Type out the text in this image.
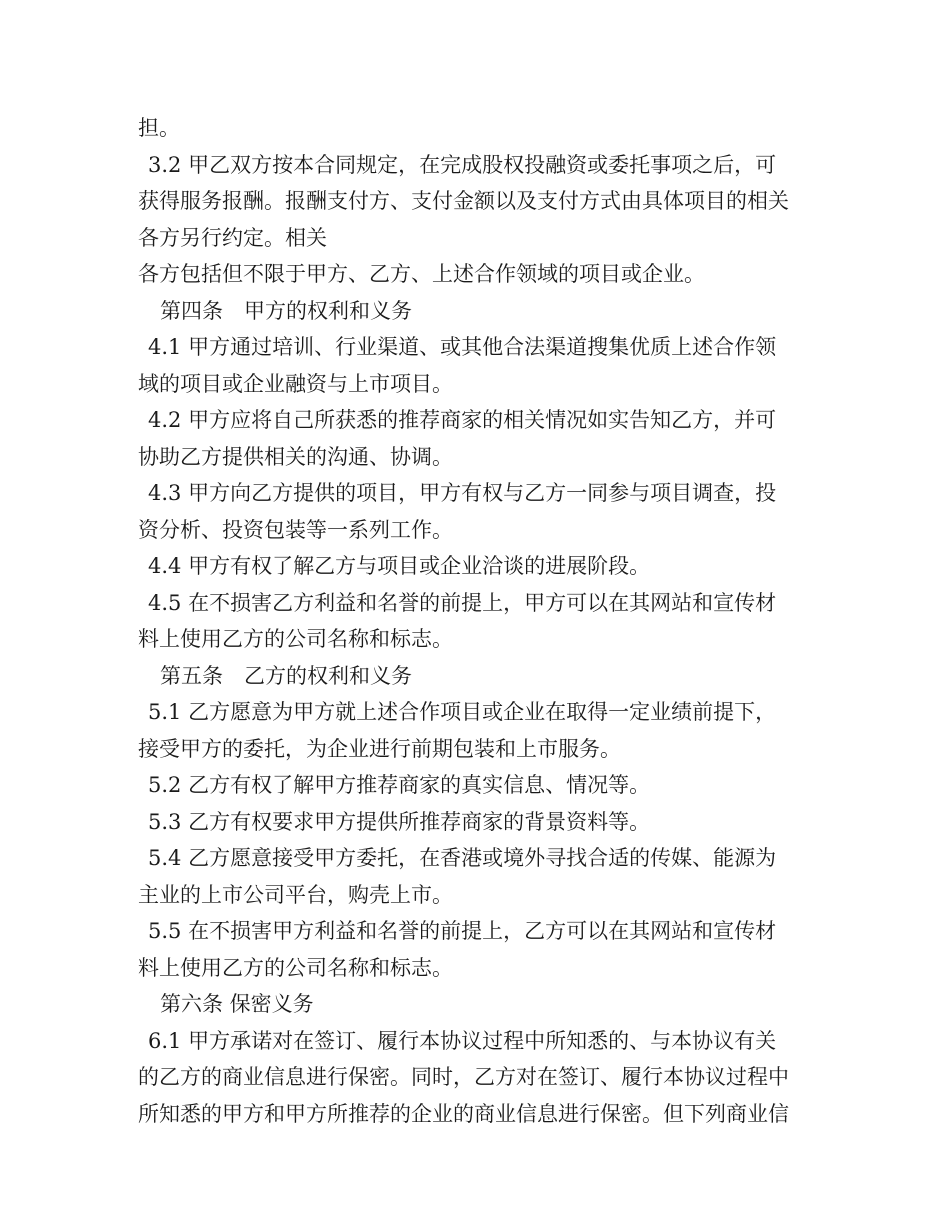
担。
3.2 甲乙双方按本合同规定，在完成股权投融资或委托事项之后，可
获得服务报酬。报酬支付方、支付金额以及支付方式由具体项目的相关
各方另行约定。相关
各方包括但不限于甲方、乙方、上述合作领域的项目或企业。
第四条　甲方的权利和义务
4.1 甲方通过培训、行业渠道、或其他合法渠道搜集优质上述合作领
域的项目或企业融资与上市项目。
4.2 甲方应将自己所获悉的推荐商家的相关情况如实告知乙方，并可
协助乙方提供相关的沟通、协调。
4.3 甲方向乙方提供的项目，甲方有权与乙方一同参与项目调查，投
资分析、投资包装等一系列工作。
4.4 甲方有权了解乙方与项目或企业洽谈的进展阶段。
4.5 在不损害乙方利益和名誉的前提上，甲方可以在其网站和宣传材
料上使用乙方的公司名称和标志。
第五条　乙方的权利和义务
5.1 乙方愿意为甲方就上述合作项目或企业在取得一定业绩前提下，
接受甲方的委托，为企业进行前期包装和上市服务。
5.2 乙方有权了解甲方推荐商家的真实信息、情况等。
5.3 乙方有权要求甲方提供所推荐商家的背景资料等。
5.4 乙方愿意接受甲方委托，在香港或境外寻找合适的传媒、能源为
主业的上市公司平台，购壳上市。
5.5 在不损害甲方利益和名誉的前提上，乙方可以在其网站和宣传材
料上使用乙方的公司名称和标志。
第六条 保密义务
6.1 甲方承诺对在签订、履行本协议过程中所知悉的、与本协议有关
的乙方的商业信息进行保密。同时，乙方对在签订、履行本协议过程中
所知悉的甲方和甲方所推荐的企业的商业信息进行保密。但下列商业信
